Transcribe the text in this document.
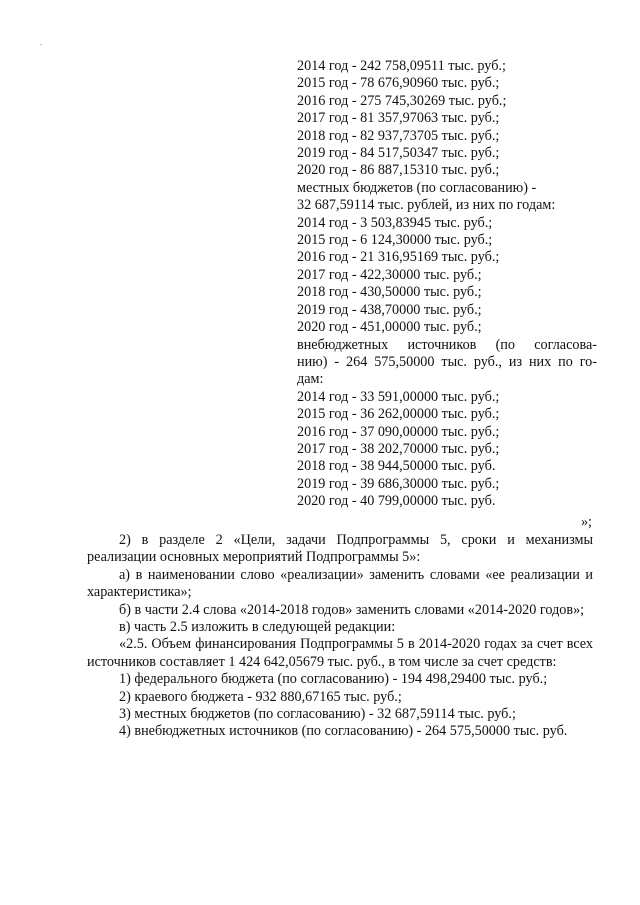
2014 год - 242 758,09511 тыс. руб.;
2015 год - 78 676,90960 тыс. руб.;
2016 год - 275 745,30269 тыс. руб.;
2017 год - 81 357,97063 тыс. руб.;
2018 год - 82 937,73705 тыс. руб.;
2019 год - 84 517,50347 тыс. руб.;
2020 год - 86 887,15310 тыс. руб.;
местных бюджетов (по согласованию) -
32 687,59114 тыс. рублей, из них по годам:
2014 год - 3 503,83945 тыс. руб.;
2015 год - 6 124,30000 тыс. руб.;
2016 год - 21 316,95169 тыс. руб.;
2017 год - 422,30000 тыс. руб.;
2018 год - 430,50000 тыс. руб.;
2019 год - 438,70000 тыс. руб.;
2020 год - 451,00000 тыс. руб.;
внебюджетных источников (по согласова-
нию) - 264 575,50000 тыс. руб., из них по го-
дам:
2014 год - 33 591,00000 тыс. руб.;
2015 год - 36 262,00000 тыс. руб.;
2016 год - 37 090,00000 тыс. руб.;
2017 год - 38 202,70000 тыс. руб.;
2018 год - 38 944,50000 тыс. руб.
2019 год - 39 686,30000 тыс. руб.;
2020 год - 40 799,00000 тыс. руб.
»;
2) в разделе 2 «Цели, задачи Подпрограммы 5, сроки и механизмы реализации основных мероприятий Подпрограммы 5»:
а) в наименовании слово «реализации» заменить словами «ее реализации и характеристика»;
б) в части 2.4 слова «2014-2018 годов» заменить словами «2014-2020 годов»;
в) часть 2.5 изложить в следующей редакции:
«2.5. Объем финансирования Подпрограммы 5 в 2014-2020 годах за счет всех источников составляет 1 424 642,05679 тыс. руб., в том числе за счет средств:
1) федерального бюджета (по согласованию) - 194 498,29400 тыс. руб.;
2) краевого бюджета - 932 880,67165 тыс. руб.;
3) местных бюджетов (по согласованию) - 32 687,59114 тыс. руб.;
4) внебюджетных источников (по согласованию) - 264 575,50000 тыс. руб.
